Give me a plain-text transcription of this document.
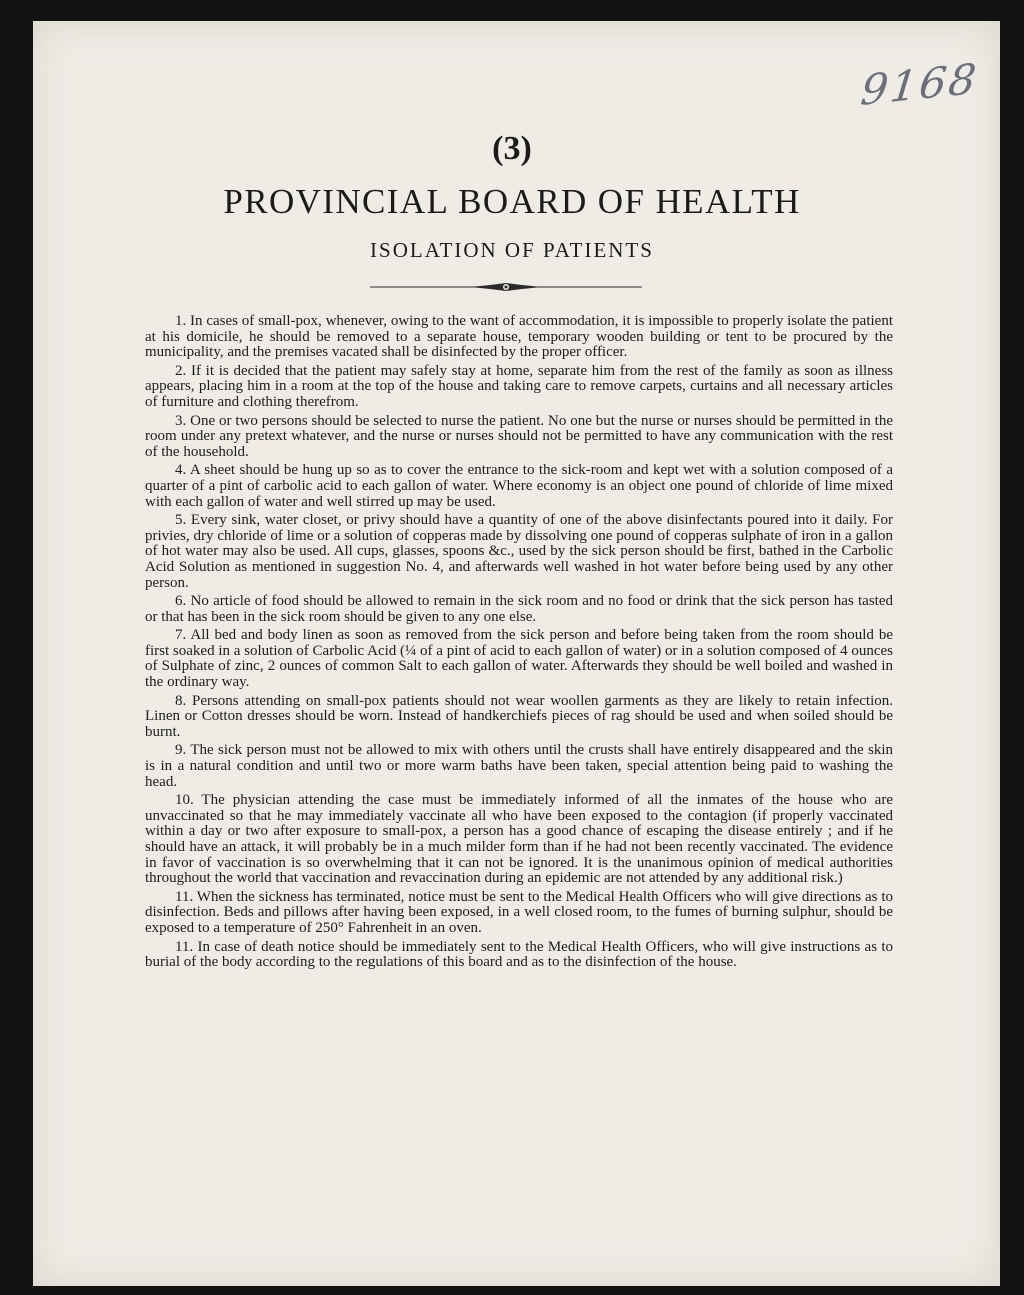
9168
(3)
PROVINCIAL BOARD OF HEALTH
ISOLATION OF PATIENTS

1. In cases of small-pox, whenever, owing to the want of accommodation, it is impossible to properly isolate the patient at his domicile, he should be removed to a separate house, temporary wooden building or tent to be procured by the municipality, and the premises vacated shall be disinfected by the proper officer.

2. If it is decided that the patient may safely stay at home, separate him from the rest of the family as soon as illness appears, placing him in a room at the top of the house and taking care to remove carpets, curtains and all necessary articles of furniture and clothing therefrom.

3. One or two persons should be selected to nurse the patient. No one but the nurse or nurses should be permitted in the room under any pretext whatever, and the nurse or nurses should not be permitted to have any communication with the rest of the household.

4. A sheet should be hung up so as to cover the entrance to the sick-room and kept wet with a solution composed of a quarter of a pint of carbolic acid to each gallon of water. Where economy is an object one pound of chloride of lime mixed with each gallon of water and well stirred up may be used.

5. Every sink, water closet, or privy should have a quantity of one of the above disinfectants poured into it daily. For privies, dry chloride of lime or a solution of copperas made by dissolving one pound of copperas sulphate of iron in a gallon of hot water may also be used. All cups, glasses, spoons &c., used by the sick person should be first, bathed in the Carbolic Acid Solution as mentioned in suggestion No. 4, and afterwards well washed in hot water before being used by any other person.

6. No article of food should be allowed to remain in the sick room and no food or drink that the sick person has tasted or that has been in the sick room should be given to any one else.

7. All bed and body linen as soon as removed from the sick person and before being taken from the room should be first soaked in a solution of Carbolic Acid (¼ of a pint of acid to each gallon of water) or in a solution composed of 4 ounces of Sulphate of zinc, 2 ounces of common Salt to each gallon of water. Afterwards they should be well boiled and washed in the ordinary way.

8. Persons attending on small-pox patients should not wear woollen garments as they are likely to retain infection. Linen or Cotton dresses should be worn. Instead of handkerchiefs pieces of rag should be used and when soiled should be burnt.

9. The sick person must not be allowed to mix with others until the crusts shall have entirely disappeared and the skin is in a natural condition and until two or more warm baths have been taken, special attention being paid to washing the head.

10. The physician attending the case must be immediately informed of all the inmates of the house who are unvaccinated so that he may immediately vaccinate all who have been exposed to the contagion (if properly vaccinated within a day or two after exposure to small-pox, a person has a good chance of escaping the disease entirely ; and if he should have an attack, it will probably be in a much milder form than if he had not been recently vaccinated. The evidence in favor of vaccination is so overwhelming that it can not be ignored. It is the unanimous opinion of medical authorities throughout the world that vaccination and revaccination during an epidemic are not attended by any additional risk.)

11. When the sickness has terminated, notice must be sent to the Medical Health Officers who will give directions as to disinfection. Beds and pillows after having been exposed, in a well closed room, to the fumes of burning sulphur, should be exposed to a temperature of 250° Fahrenheit in an oven.

11. In case of death notice should be immediately sent to the Medical Health Officers, who will give instructions as to burial of the body according to the regulations of this board and as to the disinfection of the house.
